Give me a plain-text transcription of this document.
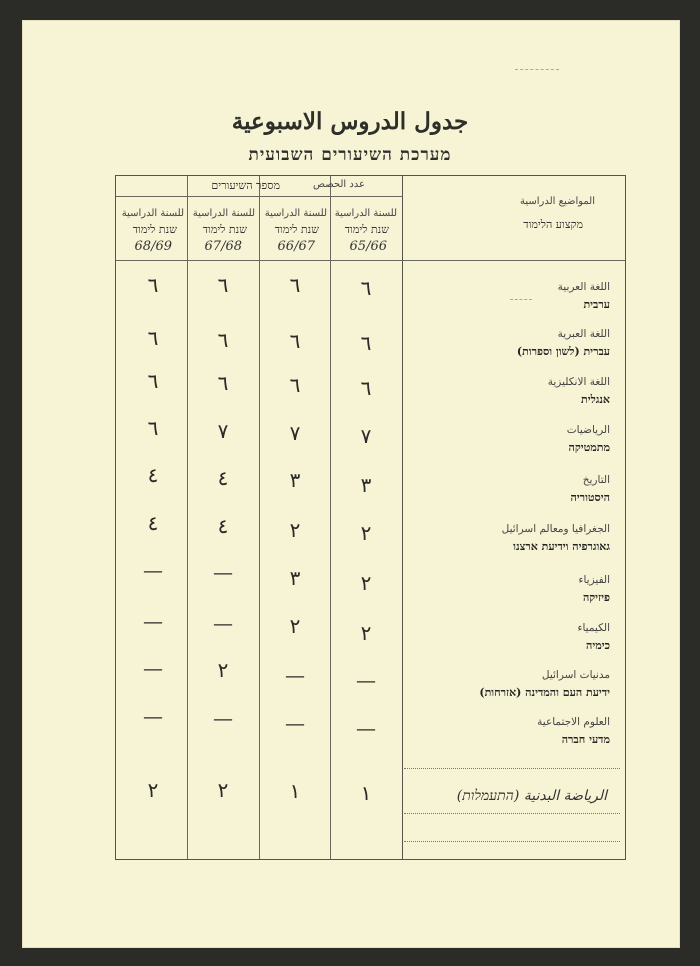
جدول الدروس الاسبوعية
מערכת השיעורים השבועית
المواضيع الدراسية
מקצוע הלימוד
عدد الحصص
מספר השיעורים
للسنة الدراسية
שנת לימוד
65/66
للسنة الدراسية
שנת לימוד
66/67
للسنة الدراسية
שנת לימוד
67/68
للسنة الدراسية
שנת לימוד
68/69
اللغة العربية
ערבית
٦
٦
٦
٦
اللغة العبرية
עברית (לשון וספרות)
٦
٦
٦
٦
اللغة الانكليزية
אנגלית
٦
٦
٦
٦
الرياضيات
מתמטיקה
٧
٧
٧
٦
التاريخ
היסטוריה
٣
٣
٤
٤
الجغرافيا ومعالم اسرائيل
גאוגרפיה וידיעת ארצנו
٢
٢
٤
٤
الفيزياء
פיזיקה
٢
٣
—
—
الكيمياء
כימיה
٢
٢
—
—
مدنيات اسرائيل
ידיעת העם והמדינה (אזרחות)
—
—
٢
—
العلوم الاجتماعية
מדעי חברה
—
—
—
—
الرياضة البدنية (התעמלות)
١
١
٢
٢
